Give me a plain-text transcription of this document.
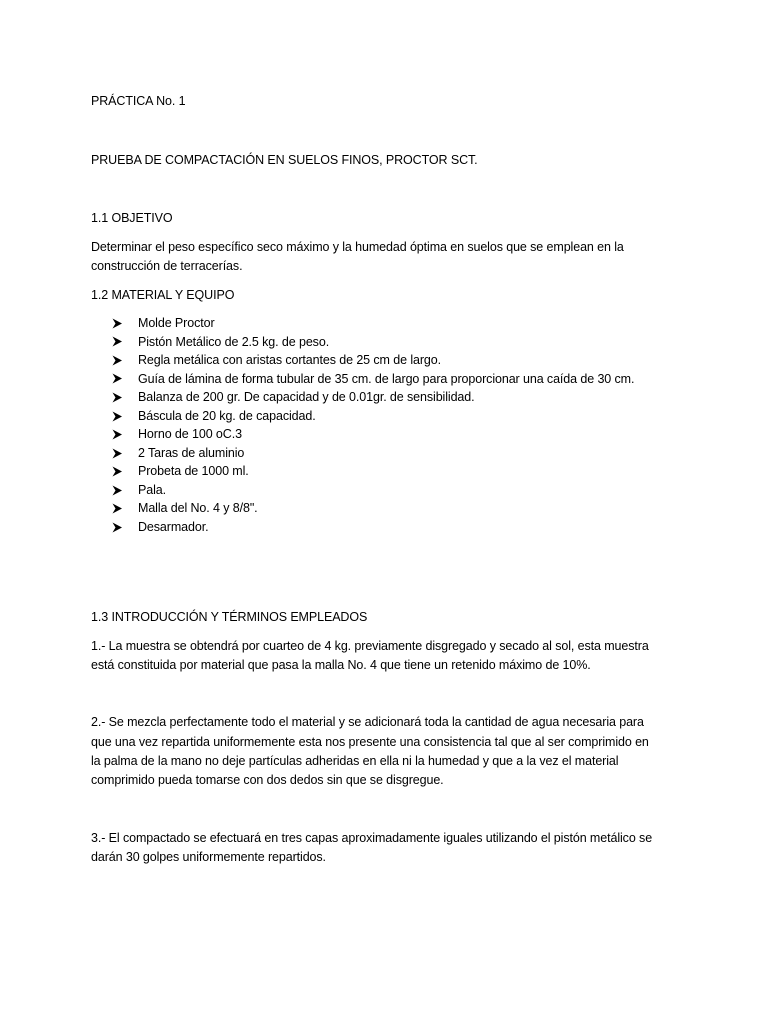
PRÁCTICA No. 1

PRUEBA DE COMPACTACIÓN EN SUELOS FINOS, PROCTOR SCT.

1.1 OBJETIVO

Determinar el peso específico seco máximo y la humedad óptima en suelos que se emplean en la

construcción de terracerías.

1.2 MATERIAL Y EQUIPO

Molde Proctor
Pistón Metálico de 2.5 kg. de peso.
Regla metálica con aristas cortantes de 25 cm de largo.
Guía de lámina de forma tubular de 35 cm. de largo para proporcionar una caída de 30 cm.
Balanza de 200 gr. De capacidad y de 0.01gr. de sensibilidad.
Báscula de 20 kg. de capacidad.
Horno de 100 oC.3
2 Taras de aluminio
Probeta de 1000 ml.
Pala.
Malla del No. 4 y 8/8".
Desarmador.

1.3 INTRODUCCIÓN Y TÉRMINOS EMPLEADOS

1.- La muestra se obtendrá por cuarteo de 4 kg. previamente disgregado y secado al sol, esta muestra

está constituida por material que pasa la malla No. 4 que tiene un retenido máximo de 10%.

2.- Se mezcla perfectamente todo el material y se adicionará toda la cantidad de agua necesaria para

que una vez repartida uniformemente esta nos presente una consistencia tal que al ser comprimido en

la palma de la mano no deje partículas adheridas en ella ni la humedad y que a la vez el material

comprimido pueda tomarse con dos dedos sin que se disgregue.

3.- El compactado se efectuará en tres capas aproximadamente iguales utilizando el pistón metálico se

darán 30 golpes uniformemente repartidos.
